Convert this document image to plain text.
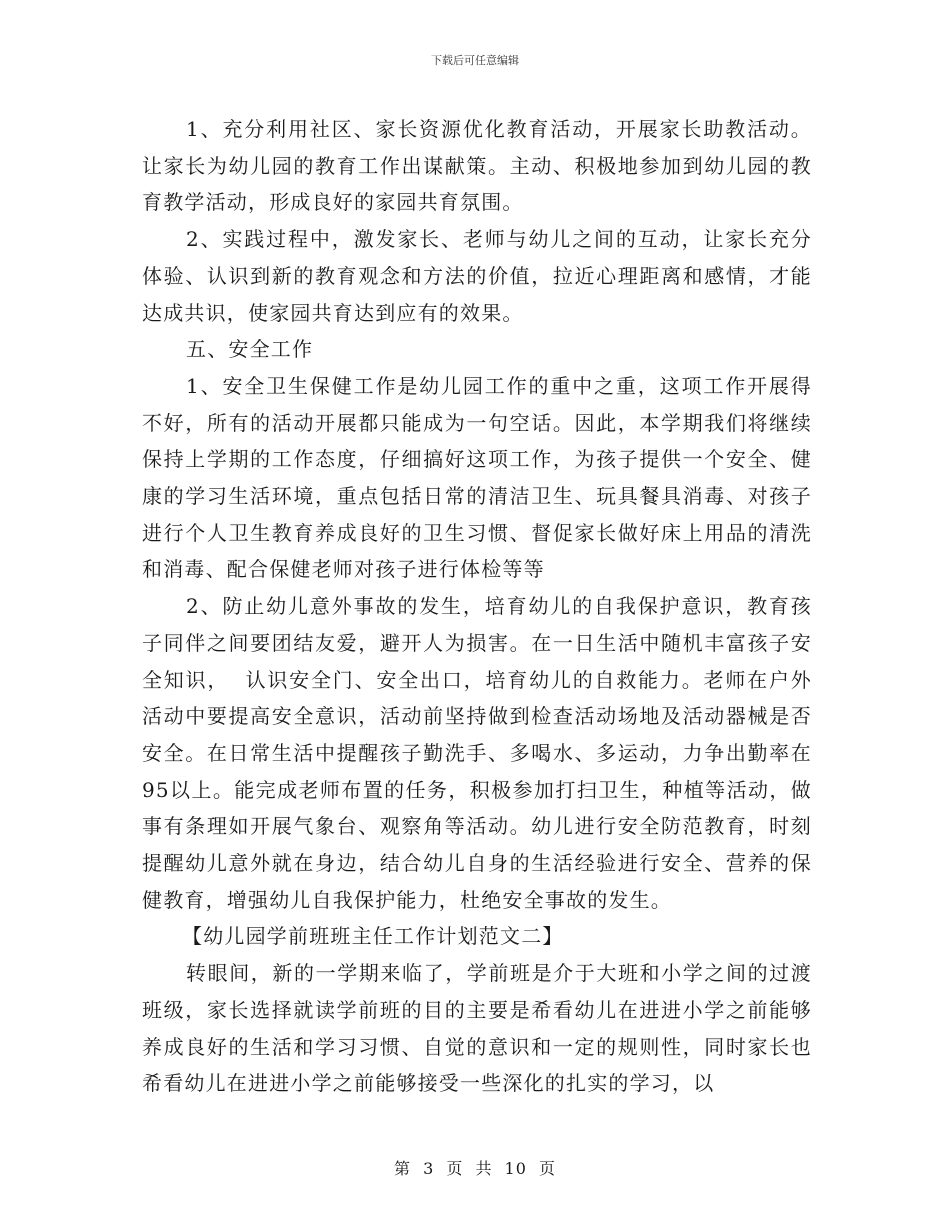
下载后可任意编辑

1、充分利用社区、家长资源优化教育活动，开展家长助教活动。让家长为幼儿园的教育工作出谋献策。主动、积极地参加到幼儿园的教育教学活动，形成良好的家园共育氛围。

2、实践过程中，激发家长、老师与幼儿之间的互动，让家长充分体验、认识到新的教育观念和方法的价值，拉近心理距离和感情，才能达成共识，使家园共育达到应有的效果。

五、安全工作

1、安全卫生保健工作是幼儿园工作的重中之重，这项工作开展得不好，所有的活动开展都只能成为一句空话。因此，本学期我们将继续保持上学期的工作态度，仔细搞好这项工作，为孩子提供一个安全、健康的学习生活环境，重点包括日常的清洁卫生、玩具餐具消毒、对孩子进行个人卫生教育养成良好的卫生习惯、督促家长做好床上用品的清洗和消毒、配合保健老师对孩子进行体检等等

2、防止幼儿意外事故的发生，培育幼儿的自我保护意识，教育孩子同伴之间要团结友爱，避开人为损害。在一日生活中随机丰富孩子安全知识，  认识安全门、安全出口，培育幼儿的自救能力。老师在户外活动中要提高安全意识，活动前坚持做到检查活动场地及活动器械是否安全。在日常生活中提醒孩子勤洗手、多喝水、多运动，力争出勤率在95以上。能完成老师布置的任务，积极参加打扫卫生，种植等活动，做事有条理如开展气象台、观察角等活动。幼儿进行安全防范教育，时刻提醒幼儿意外就在身边，结合幼儿自身的生活经验进行安全、营养的保健教育，增强幼儿自我保护能力，杜绝安全事故的发生。

【幼儿园学前班班主任工作计划范文二】

转眼间，新的一学期来临了，学前班是介于大班和小学之间的过渡班级，家长选择就读学前班的目的主要是希看幼儿在进进小学之前能够养成良好的生活和学习习惯、自觉的意识和一定的规则性，同时家长也希看幼儿在进进小学之前能够接受一些深化的扎实的学习，以

第 3 页 共 10 页
